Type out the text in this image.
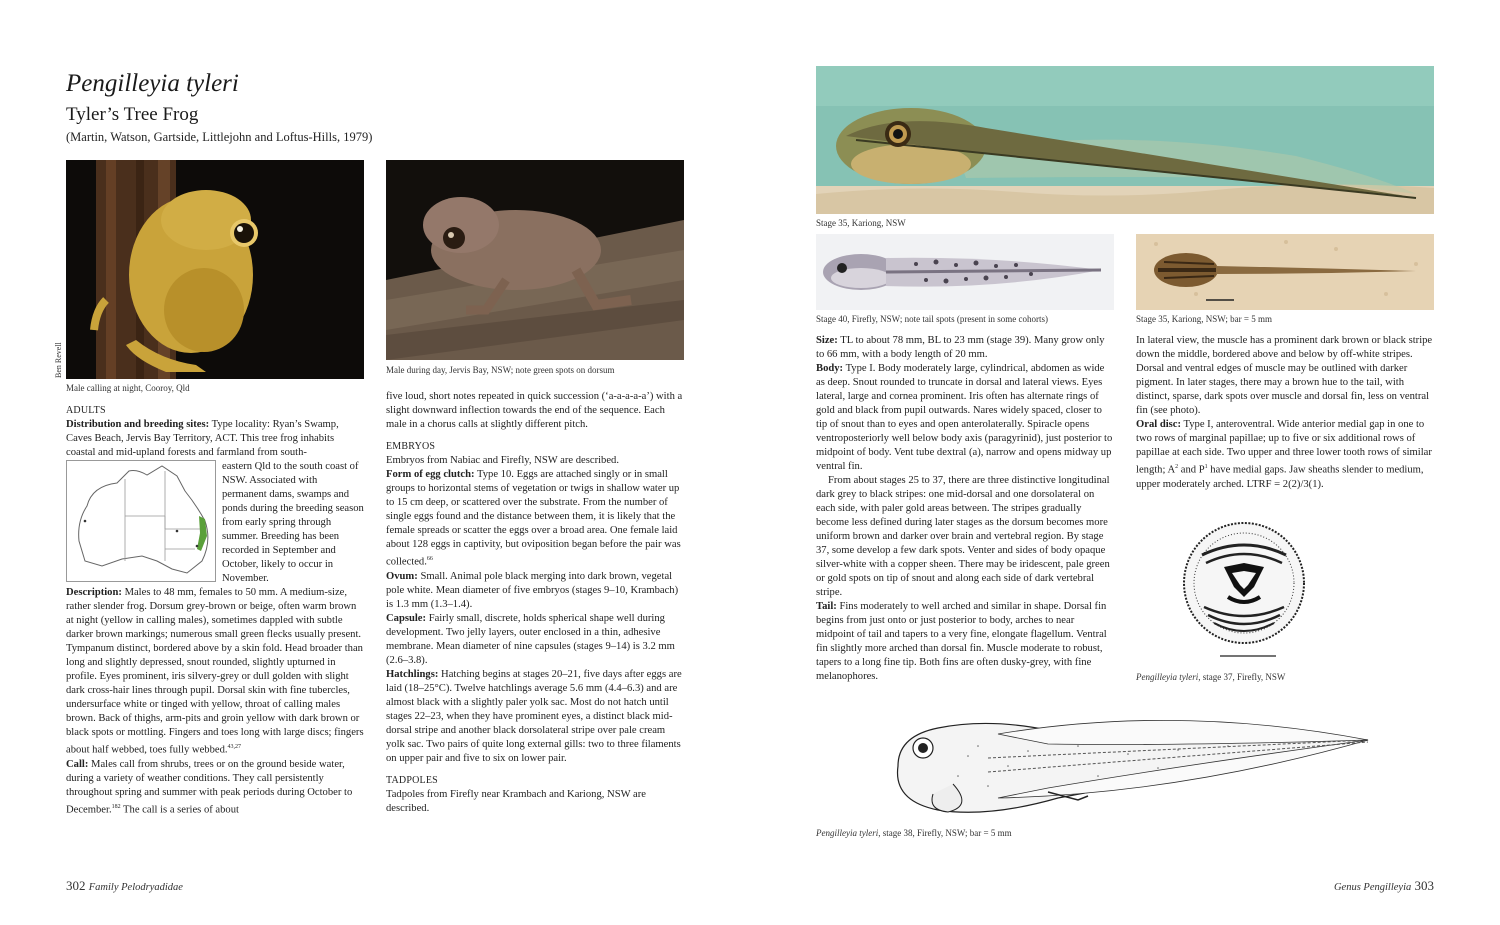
Pengilleyia tyleri
Tyler’s Tree Frog
(Martin, Watson, Gartside, Littlejohn and Loftus-Hills, 1979)
Ben Revell
Male calling at night, Cooroy, Qld
Male during day, Jervis Bay, NSW; note green spots on dorsum

ADULTS

Distribution and breeding sites: Type locality: Ryan’s Swamp, Caves Beach, Jervis Bay Territory, ACT. This tree frog inhabits coastal and mid-upland forests and farmland from south-

eastern Qld to the south coast of NSW. Associated with permanent dams, swamps and ponds during the breeding season from early spring through summer. Breeding has been recorded in September and October, likely to occur in November.

Description: Males to 48 mm, females to 50 mm. A medium-size, rather slender frog. Dorsum grey-brown or beige, often warm brown at night (yellow in calling males), sometimes dappled with subtle darker brown markings; numerous small green flecks usually present. Tympanum distinct, bordered above by a skin fold. Head broader than long and slightly depressed, snout rounded, slightly upturned in profile. Eyes prominent, iris silvery-grey or dull golden with slight dark cross-hair lines through pupil. Dorsal skin with fine tubercles, undersurface white or tinged with yellow, throat of calling males brown. Back of thighs, arm-pits and groin yellow with dark brown or black spots or mottling. Fingers and toes long with large discs; fingers about half webbed, toes fully webbed.$^{43,27}$

Call: Males call from shrubs, trees or on the ground beside water, during a variety of weather conditions. They call persistently throughout spring and summer with peak periods during October to December.$^{182}$ The call is a series of about

five loud, short notes repeated in quick succession (‘a-a-a-a-a’) with a slight downward inflection towards the end of the sequence. Each male in a chorus calls at slightly different pitch.

EMBRYOS

Embryos from Nabiac and Firefly, NSW are described.

Form of egg clutch: Type 10. Eggs are attached singly or in small groups to horizontal stems of vegetation or twigs in shallow water up to 15 cm deep, or scattered over the substrate. From the number of single eggs found and the distance between them, it is likely that the female spreads or scatter the eggs over a broad area. One female laid about 128 eggs in captivity, but oviposition began before the pair was collected.$^{66}$

Ovum: Small. Animal pole black merging into dark brown, vegetal pole white. Mean diameter of five embryos (stages 9–10, Krambach) is 1.3 mm (1.3–1.4).

Capsule: Fairly small, discrete, holds spherical shape well during development. Two jelly layers, outer enclosed in a thin, adhesive membrane. Mean diameter of nine capsules (stages 9–14) is 3.2 mm (2.6–3.8).

Hatchlings: Hatching begins at stages 20–21, five days after eggs are laid (18–25°C). Twelve hatchlings average 5.6 mm (4.4–6.3) and are almost black with a slightly paler yolk sac. Most do not hatch until stages 22–23, when they have prominent eyes, a distinct black mid-dorsal stripe and another black dorsolateral stripe over pale cream yolk sac. Two pairs of quite long external gills: two to three filaments on upper pair and five to six on lower pair.

TADPOLES

Tadpoles from Firefly near Krambach and Kariong, NSW are described.

302 Family Pelodryadidae
Stage 35, Kariong, NSW
Stage 40, Firefly, NSW; note tail spots (present in some cohorts)	Stage 35, Kariong, NSW; bar = 5 mm

Size: TL to about 78 mm, BL to 23 mm (stage 39). Many grow only to 66 mm, with a body length of 20 mm.

Body: Type I. Body moderately large, cylindrical, abdomen as wide as deep. Snout rounded to truncate in dorsal and lateral views. Eyes lateral, large and cornea prominent. Iris often has alternate rings of gold and black from pupil outwards. Nares widely spaced, closer to tip of snout than to eyes and open anterolaterally. Spiracle opens ventroposteriorly well below body axis (paragyrinid), just posterior to midpoint of body. Vent tube dextral (a), narrow and opens midway up ventral fin.

From about stages 25 to 37, there are three distinctive longitudinal dark grey to black stripes: one mid-dorsal and one dorsolateral on each side, with paler gold areas between. The stripes gradually become less defined during later stages as the dorsum becomes more uniform brown and darker over brain and vertebral region. By stage 37, some develop a few dark spots. Venter and sides of body opaque silver-white with a copper sheen. There may be iridescent, pale green or gold spots on tip of snout and along each side of dark vertebral stripe.

Tail: Fins moderately to well arched and similar in shape. Dorsal fin begins from just onto or just posterior to body, arches to near midpoint of tail and tapers to a very fine, elongate flagellum. Ventral fin slightly more arched than dorsal fin. Muscle moderate to robust, tapers to a long fine tip. Both fins are often dusky-grey, with fine melanophores.

In lateral view, the muscle has a prominent dark brown or black stripe down the middle, bordered above and below by off-white stripes. Dorsal and ventral edges of muscle may be outlined with darker pigment. In later stages, there may a brown hue to the tail, with distinct, sparse, dark spots over muscle and dorsal fin, less on ventral fin (see photo).

Oral disc: Type I, anteroventral. Wide anterior medial gap in one to two rows of marginal papillae; up to five or six additional rows of papillae at each side. Two upper and three lower tooth rows of similar length; $A^2$ and $P^1$ have medial gaps. Jaw sheaths slender to medium, upper moderately arched. LTRF = 2(2)/3(1).

Pengilleyia tyleri, stage 37, Firefly, NSW
Pengilleyia tyleri, stage 38, Firefly, NSW; bar = 5 mm
Genus Pengilleyia 303
